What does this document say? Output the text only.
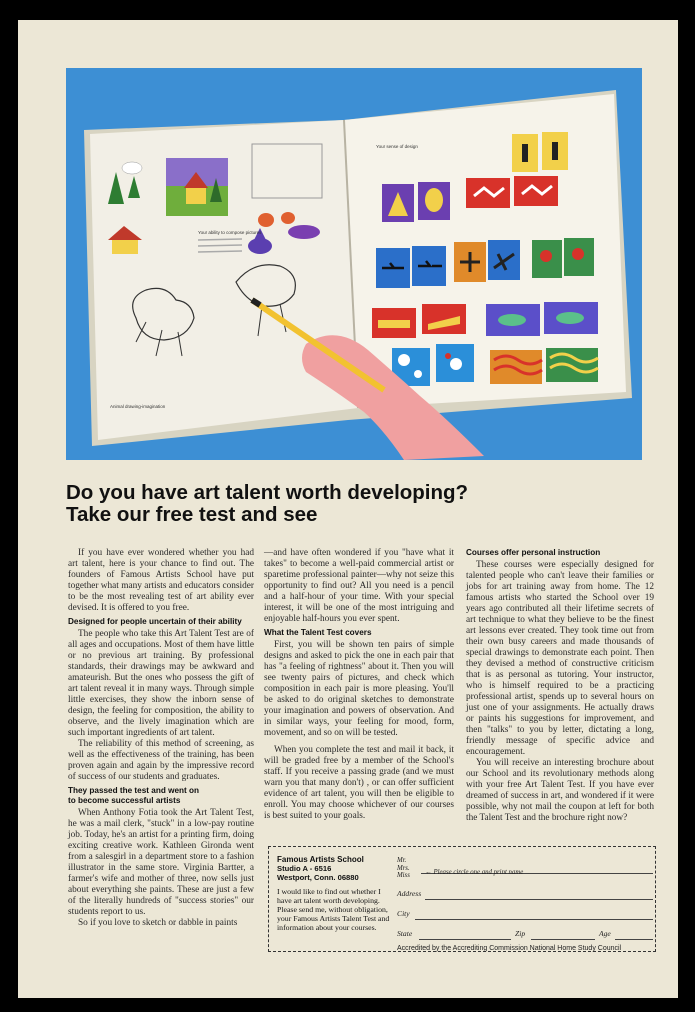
Your ability to compose pictures
Animal drawing-imagination
Your sense of design
Do you have art talent worth developing?
Take our free test and see

If you have ever wondered whether you had art talent, here is your chance to find out. The founders of Famous Artists School have put together what many artists and educators consider to be the most revealing test of art ability ever devised. It is offered to you free.

Designed for people uncertain of their ability

The people who take this Art Talent Test are of all ages and occupations. Most of them have little or no previous art training. By professional standards, their drawings may be awkward and amateurish. But the ones who possess the gift of art talent reveal it in many ways. Through simple little exercises, they show the inborn sense of design, the feeling for composition, the ability to observe, and the lively imagination which are such important ingredients of art talent.

The reliability of this method of screening, as well as the effectiveness of the training, has been proven again and again by the impressive record of success of our students and graduates.

They passed the test and went on
to become successful artists

When Anthony Fotia took the Art Talent Test, he was a mail clerk, "stuck" in a low-pay routine job. Today, he's an artist for a printing firm, doing exciting creative work. Kathleen Gironda went from a salesgirl in a department store to a fashion illustrator in the same store. Virginia Bartter, a farmer's wife and mother of three, now sells just about everything she paints. These are just a few of the literally hundreds of "success stories" our students report to us.

So if you love to sketch or dabble in paints

—and have often wondered if you "have what it takes" to become a well-paid commercial artist or sparetime professional painter—why not seize this opportunity to find out? All you need is a pencil and a half-hour of your time. With your special interest, it will be one of the most intriguing and enjoyable half-hours you ever spent.

What the Talent Test covers

First, you will be shown ten pairs of simple designs and asked to pick the one in each pair that has "a feeling of rightness" about it. Then you will see twenty pairs of pictures, and check which composition in each pair is more pleasing. You'll be asked to do original sketches to demonstrate your imagination and powers of observation. And in similar ways, your feeling for mood, form, movement, and so on will be tested.

When you complete the test and mail it back, it will be graded free by a member of the School's staff. If you receive a passing grade (and we must warn you that many don't) , or can offer sufficient evidence of art talent, you will then be eligible to enroll. You may choose whichever of our courses is best suited to your goals.

Courses offer personal instruction

These courses were especially designed for talented people who can't leave their families or jobs for art training away from home. The 12 famous artists who started the School over 19 years ago contributed all their lifetime secrets of art technique to what they believe to be the finest art lessons ever created. They took time out from their own busy careers and made thousands of special drawings to demonstrate each point. Then they devised a method of constructive criticism that is as personal as tutoring. Your instructor, who is himself required to be a practicing professional artist, spends up to several hours on just one of your assignments. He actually draws or paints his suggestions for improvement, and then "talks" to you by letter, dictating a long, friendly message of specific advice and encouragement.

You will receive an interesting brochure about our School and its revolutionary methods along with your free Art Talent Test. If you have ever dreamed of success in art, and wondered if it were possible, why not mail the coupon at left for both the Talent Test and the brochure right now?

Famous Artists School
Studio A - 6516
Westport, Conn. 06880
I would like to find out whether I have art talent worth developing. Please send me, without obligation, your Famous Artists Talent Test and information about your courses.
Mr.
Mrs.
Miss ← Please circle one and print name
Address
City
State	Zip	Age
Accredited by the Accrediting Commission National Home Study Council
